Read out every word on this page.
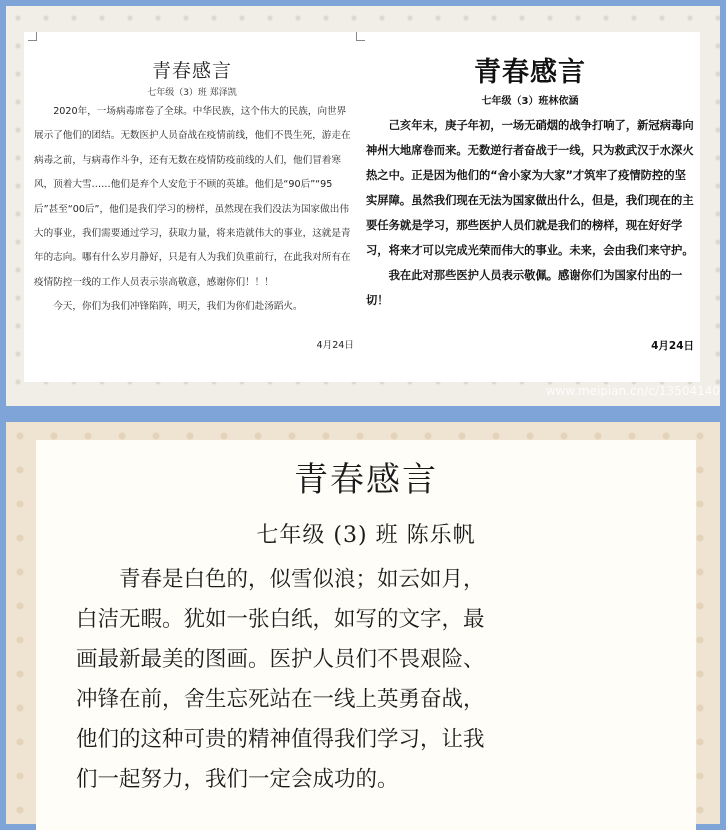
青春感言
七年级（3）班 郑泽凯

2020年，一场病毒席卷了全球。中华民族，这个伟大的民族，向世界展示了他们的团结。无数医护人员奋战在疫情前线，他们不畏生死，游走在病毒之前，与病毒作斗争，还有无数在疫情防疫前线的人们，他们冒着寒风，顶着大雪……他们是弃个人安危于不顾的英雄。他们是“90后”“95后”甚至“00后”，他们是我们学习的榜样，虽然现在我们没法为国家做出伟大的事业，我们需要通过学习，获取力量，将来造就伟大的事业，这就是青年的志向。哪有什么岁月静好，只是有人为我们负重前行，在此我对所有在疫情防控一线的工作人员表示崇高敬意，感谢你们！！！

今天，你们为我们冲锋陷阵，明天，我们为你们赴汤蹈火。

4月24日
青春感言
七年级（3）班林依涵

己亥年末，庚子年初，一场无硝烟的战争打响了，新冠病毒向神州大地席卷而来。无数逆行者奋战于一线，只为救武汉于水深火热之中。正是因为他们的“舍小家为大家”才筑牢了疫情防控的坚实屏障。虽然我们现在无法为国家做出什么，但是，我们现在的主要任务就是学习，那些医护人员们就是我们的榜样，现在好好学习，将来才可以完成光荣而伟大的事业。未来，会由我们来守护。

我在此对那些医护人员表示敬佩。感谢你们为国家付出的一切！

4月24日
www.meipian.cn/c/13504140
青春感言
七年级 (3) 班 陈乐帆

青春是白色的，似雪似浪；如云如月，

白洁无暇。犹如一张白纸，如写的文字，最

画最新最美的图画。医护人员们不畏艰险、

冲锋在前，舍生忘死站在一线上英勇奋战，

他们的这种可贵的精神值得我们学习，让我

们一起努力，我们一定会成功的。
